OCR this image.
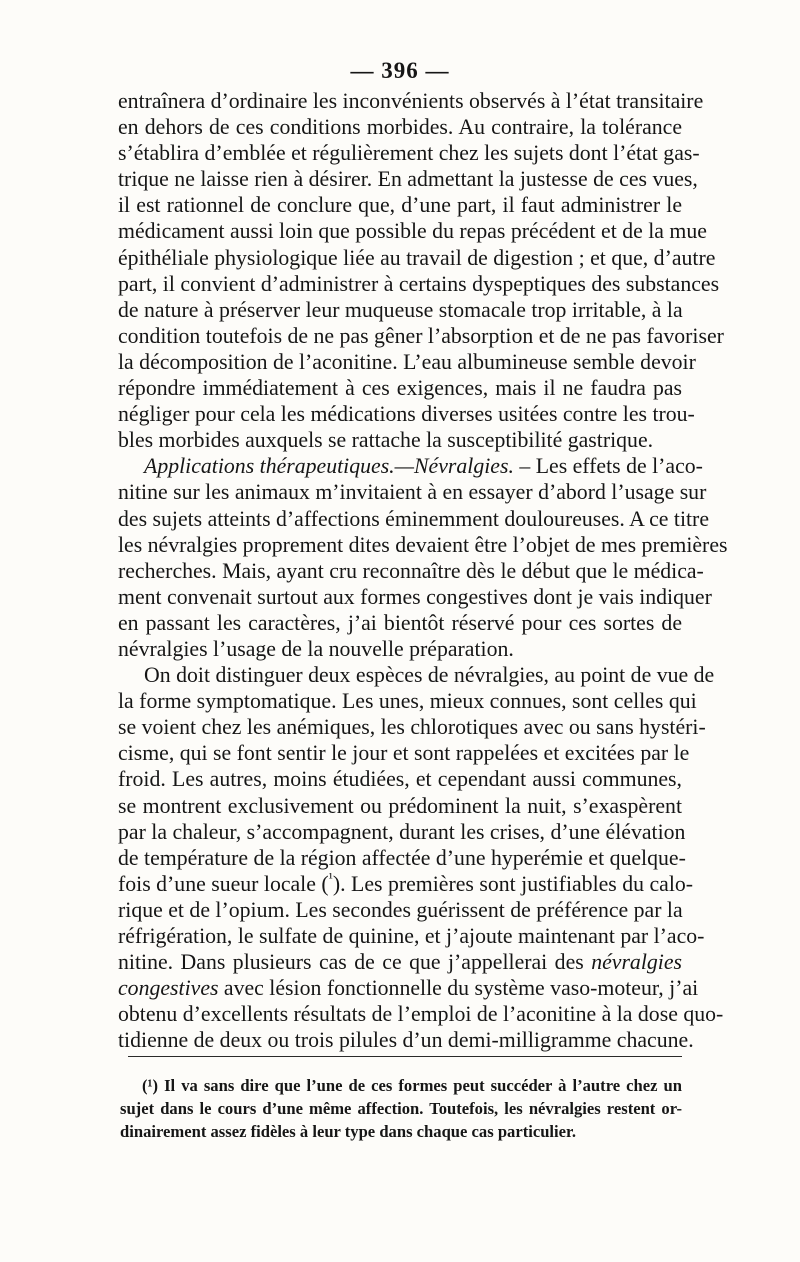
— 396 —
entraînera d’ordinaire les inconvénients observés à l’état transitaire
en dehors de ces conditions morbides. Au contraire, la tolérance
s’établira d’emblée et régulièrement chez les sujets dont l’état gas-
trique ne laisse rien à désirer. En admettant la justesse de ces vues,
il est rationnel de conclure que, d’une part, il faut administrer le
médicament aussi loin que possible du repas précédent et de la mue
épithéliale physiologique liée au travail de digestion ; et que, d’autre
part, il convient d’administrer à certains dyspeptiques des substances
de nature à préserver leur muqueuse stomacale trop irritable, à la
condition toutefois de ne pas gêner l’absorption et de ne pas favoriser
la décomposition de l’aconitine. L’eau albumineuse semble devoir
répondre immédiatement à ces exigences, mais il ne faudra pas
négliger pour cela les médications diverses usitées contre les trou-
bles morbides auxquels se rattache la susceptibilité gastrique.
Applications thérapeutiques.—Névralgies. – Les effets de l’aco-
nitine sur les animaux m’invitaient à en essayer d’abord l’usage sur
des sujets atteints d’affections éminemment douloureuses. A ce titre
les névralgies proprement dites devaient être l’objet de mes premières
recherches. Mais, ayant cru reconnaître dès le début que le médica-
ment convenait surtout aux formes congestives dont je vais indiquer
en passant les caractères, j’ai bientôt réservé pour ces sortes de
névralgies l’usage de la nouvelle préparation.
On doit distinguer deux espèces de névralgies, au point de vue de
la forme symptomatique. Les unes, mieux connues, sont celles qui
se voient chez les anémiques, les chlorotiques avec ou sans hystéri-
cisme, qui se font sentir le jour et sont rappelées et excitées par le
froid. Les autres, moins étudiées, et cependant aussi communes,
se montrent exclusivement ou prédominent la nuit, s’exaspèrent
par la chaleur, s’accompagnent, durant les crises, d’une élévation
de température de la région affectée d’une hyperémie et quelque-
fois d’une sueur locale ($^{^1}$). Les premières sont justifiables du calo-
rique et de l’opium. Les secondes guérissent de préférence par la
réfrigération, le sulfate de quinine, et j’ajoute maintenant par l’aco-
nitine. Dans plusieurs cas de ce que j’appellerai des névralgies
congestives avec lésion fonctionnelle du système vaso-moteur, j’ai
obtenu d’excellents résultats de l’emploi de l’aconitine à la dose quo-
tidienne de deux ou trois pilules d’un demi-milligramme chacune.
(¹) Il va sans dire que l’une de ces formes peut succéder à l’autre chez un
sujet dans le cours d’une même affection. Toutefois, les névralgies restent or-
dinairement assez fidèles à leur type dans chaque cas particulier.
